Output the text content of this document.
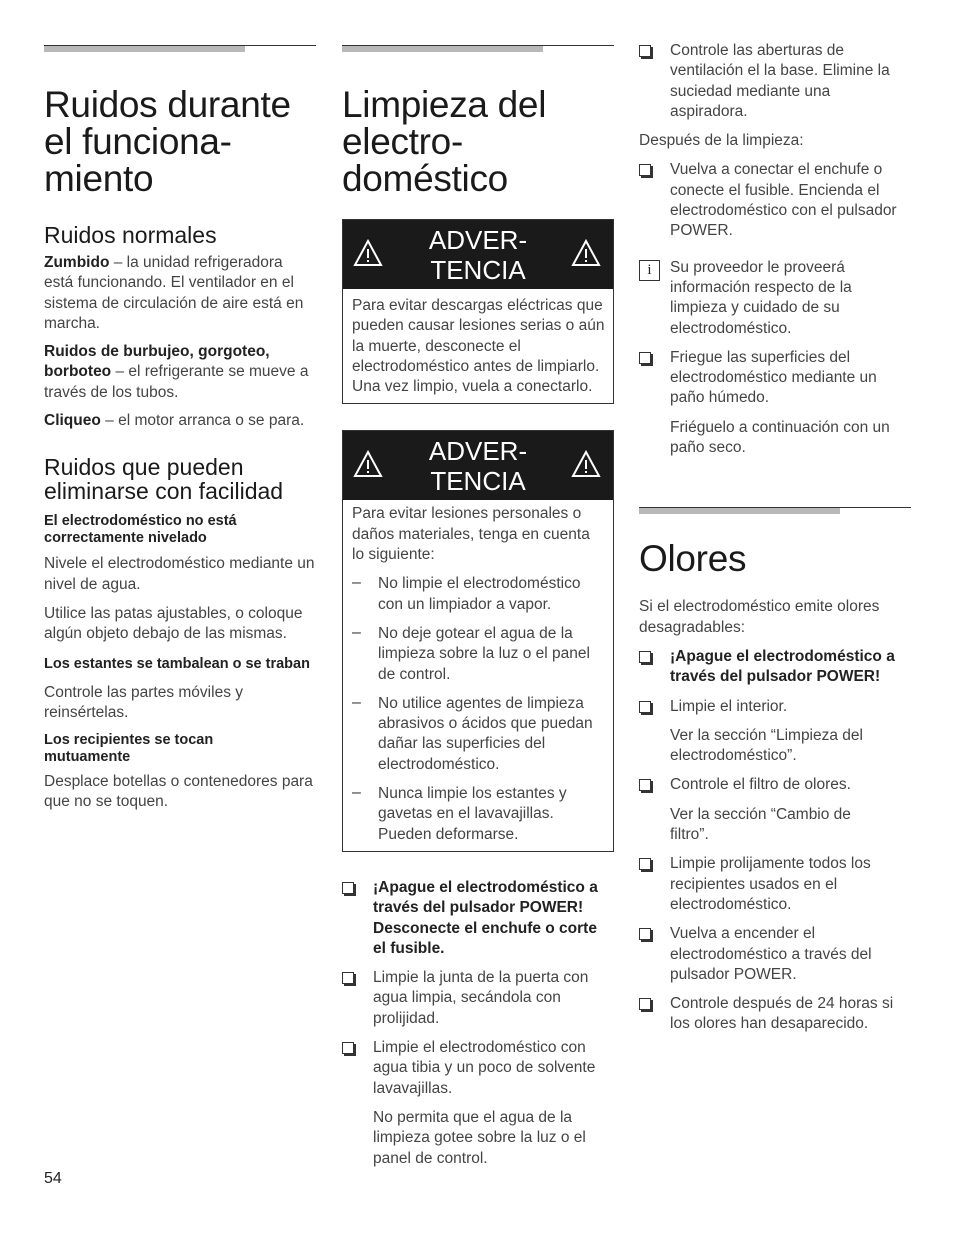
Ruidos durante
el funciona-
miento
Ruidos normales

Zumbido – la unidad refrigeradora está funcionando. El ventilador en el sistema de circulación de aire está en marcha.

Ruidos de burbujeo, gorgoteo, borboteo – el refrigerante se mueve a través de los tubos.

Cliqueo – el motor arranca o se para.

Ruidos que pueden eliminarse con facilidad
El electrodoméstico no está correctamente nivelado

Nivele el electrodoméstico mediante un nivel de agua.

Utilice las patas ajustables, o coloque algún objeto debajo de las mismas.

Los estantes se tambalean o se traban

Controle las partes móviles y reinsértelas.

Los recipientes se tocan mutuamente

Desplace botellas o contenedores para que no se toquen.

Limpieza del
electro-
doméstico
ADVER-
TENCIA

Para evitar descargas eléctricas que pueden causar lesiones serias o aún la muerte, desconecte el electrodoméstico antes de limpiarlo. Una vez limpio, vuela a conectarlo.

ADVER-
TENCIA

Para evitar lesiones personales o daños materiales, tenga en cuenta lo siguiente:

–	No limpie el electrodoméstico con un limpiador a vapor.

–	No deje gotear el agua de la limpieza sobre la luz o el panel de control.

–	No utilice agentes de limpieza abrasivos o ácidos que puedan dañar las superficies del electrodoméstico.

–	Nunca limpie los estantes y gavetas en el lavavajillas. Pueden deformarse.

¡Apague el electrodoméstico a través del pulsador POWER! Desconecte el enchufe o corte el fusible.

Limpie la junta de la puerta con agua limpia, secándola con prolijidad.

Limpie el electrodoméstico con agua tibia y un poco de solvente lavavajillas.

No permita que el agua de la limpieza gotee sobre la luz o el panel de control.

Controle las aberturas de ventilación el la base. Elimine la suciedad mediante una aspiradora.

Después de la limpieza:

Vuelva a conectar el enchufe o conecte el fusible. Encienda el electrodoméstico con el pulsador POWER.

i	Su proveedor le proveerá información respecto de la limpieza y cuidado de su electrodoméstico.

Friegue las superficies del electrodoméstico mediante un paño húmedo.

Friéguelo a continuación con un paño seco.

Olores

Si el electrodoméstico emite olores desagradables:

¡Apague el electrodoméstico a través del pulsador POWER!

Limpie el interior.

Ver la sección “Limpieza del electrodoméstico”.

Controle el filtro de olores.

Ver la sección “Cambio de filtro”.

Limpie prolijamente todos los recipientes usados en el electrodoméstico.

Vuelva a encender el electrodoméstico a través del pulsador POWER.

Controle después de 24 horas si los olores han desaparecido.

54
